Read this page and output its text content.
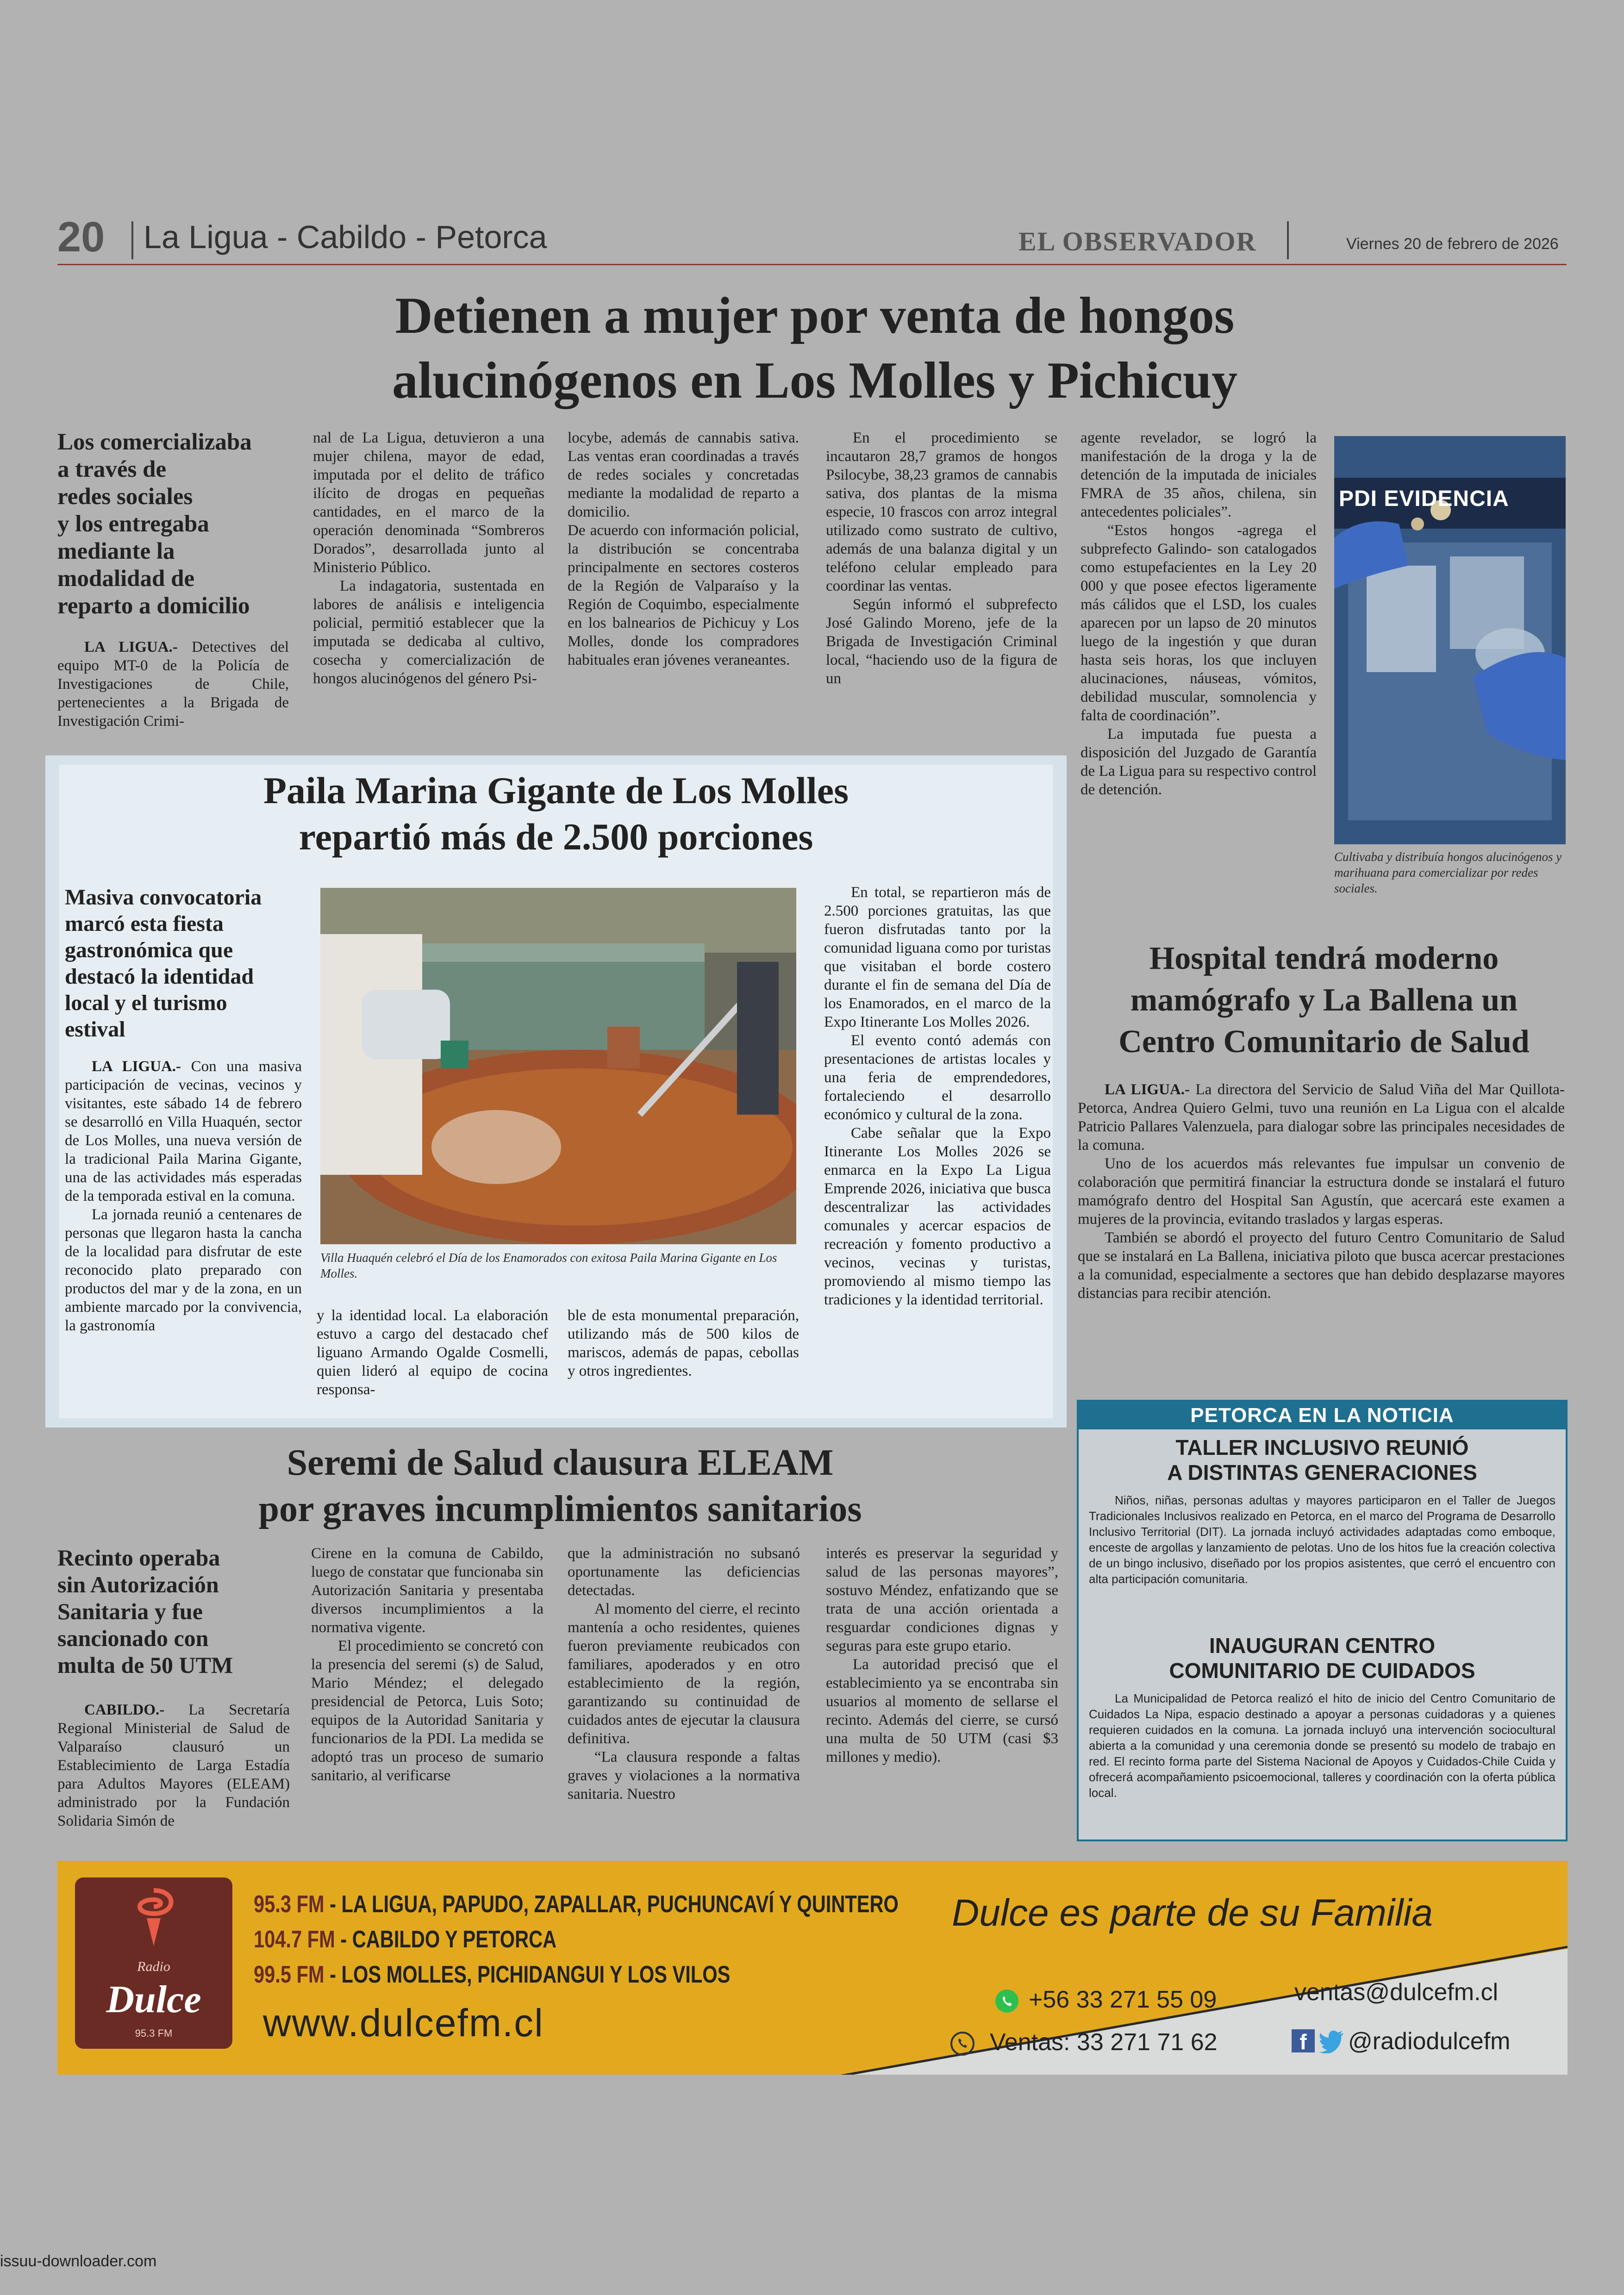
20 La Ligua - Cabildo - Petorca	EL OBSERVADOR	Viernes 20 de febrero de 2026
Detienen a mujer por venta de hongos
alucinógenos en Los Molles y Pichicuy
Los comercializaba
a través de
redes sociales
y los entregaba
mediante la
modalidad de
reparto a domicilio

LA LIGUA.- Detectives del equipo MT-0 de la Policía de Investigaciones de Chile, pertenecientes a la Brigada de Investigación Crimi-

nal de La Ligua, detuvieron a una mujer chilena, mayor de edad, imputada por el delito de tráfico ilícito de drogas en pequeñas cantidades, en el marco de la operación denominada “Sombreros Dorados”, desarrollada junto al Ministerio Público.

La indagatoria, sustentada en labores de análisis e inteligencia policial, permitió establecer que la imputada se dedicaba al cultivo, cosecha y comercialización de hongos alucinógenos del género Psi-

locybe, además de cannabis sativa. Las ventas eran coordinadas a través de redes sociales y concretadas mediante la modalidad de reparto a domicilio.

De acuerdo con información policial, la distribución se concentraba principalmente en sectores costeros de la Región de Valparaíso y la Región de Coquimbo, especialmente en los balnearios de Pichicuy y Los Molles, donde los compradores habituales eran jóvenes veraneantes.

En el procedimiento se incautaron 28,7 gramos de hongos Psilocybe, 38,23 gramos de cannabis sativa, dos plantas de la misma especie, 10 frascos con arroz integral utilizado como sustrato de cultivo, además de una balanza digital y un teléfono celular empleado para coordinar las ventas.

Según informó el subprefecto José Galindo Moreno, jefe de la Brigada de Investigación Criminal local, “haciendo uso de la figura de un

agente revelador, se logró la manifestación de la droga y la de detención de la imputada de iniciales FMRA de 35 años, chilena, sin antecedentes policiales”.

“Estos hongos -agrega el subprefecto Galindo- son catalogados como estupefacientes en la Ley 20 000 y que posee efectos ligeramente más cálidos que el LSD, los cuales aparecen por un lapso de 20 minutos luego de la ingestión y que duran hasta seis horas, los que incluyen alucinaciones, náuseas, vómitos, debilidad muscular, somnolencia y falta de coordinación”.

La imputada fue puesta a disposición del Juzgado de Garantía de La Ligua para su respectivo control de detención.

PDI EVIDENCIA
Cultivaba y distribuía hongos alucinógenos y marihuana para comercializar por redes sociales.
Paila Marina Gigante de Los Molles
repartió más de 2.500 porciones
Masiva convocatoria
marcó esta fiesta
gastronómica que
destacó la identidad
local y el turismo
estival

LA LIGUA.- Con una masiva participación de vecinas, vecinos y visitantes, este sábado 14 de febrero se desarrolló en Villa Huaquén, sector de Los Molles, una nueva versión de la tradicional Paila Marina Gigante, una de las actividades más esperadas de la temporada estival en la comuna.

La jornada reunió a centenares de personas que llegaron hasta la cancha de la localidad para disfrutar de este reconocido plato preparado con productos del mar y de la zona, en un ambiente marcado por la convivencia, la gastronomía

Villa Huaquén celebró el Día de los Enamorados con exitosa Paila Marina Gigante en Los Molles.

y la identidad local. La elaboración estuvo a cargo del destacado chef liguano Armando Ogalde Cosmelli, quien lideró al equipo de cocina responsa-

ble de esta monumental preparación, utilizando más de 500 kilos de mariscos, además de papas, cebollas y otros ingredientes.

En total, se repartieron más de 2.500 porciones gratuitas, las que fueron disfrutadas tanto por la comunidad liguana como por turistas que visitaban el borde costero durante el fin de semana del Día de los Enamorados, en el marco de la Expo Itinerante Los Molles 2026.

El evento contó además con presentaciones de artistas locales y una feria de emprendedores, fortaleciendo el desarrollo económico y cultural de la zona.

Cabe señalar que la Expo Itinerante Los Molles 2026 se enmarca en la Expo La Ligua Emprende 2026, iniciativa que busca descentralizar las actividades comunales y acercar espacios de recreación y fomento productivo a vecinos, vecinas y turistas, promoviendo al mismo tiempo las tradiciones y la identidad territorial.

Hospital tendrá moderno
mamógrafo y La Ballena un
Centro Comunitario de Salud

LA LIGUA.- La directora del Servicio de Salud Viña del Mar Quillota-Petorca, Andrea Quiero Gelmi, tuvo una reunión en La Ligua con el alcalde Patricio Pallares Valenzuela, para dialogar sobre las principales necesidades de la comuna.

Uno de los acuerdos más relevantes fue impulsar un convenio de colaboración que permitirá financiar la estructura donde se instalará el futuro mamógrafo dentro del Hospital San Agustín, que acercará este examen a mujeres de la provincia, evitando traslados y largas esperas.

También se abordó el proyecto del futuro Centro Comunitario de Salud que se instalará en La Ballena, iniciativa piloto que busca acercar prestaciones a la comunidad, especialmente a sectores que han debido desplazarse mayores distancias para recibir atención.

Seremi de Salud clausura ELEAM
por graves incumplimientos sanitarios
Recinto operaba
sin Autorización
Sanitaria y fue
sancionado con
multa de 50 UTM

CABILDO.- La Secretaría Regional Ministerial de Salud de Valparaíso clausuró un Establecimiento de Larga Estadía para Adultos Mayores (ELEAM) administrado por la Fundación Solidaria Simón de

Cirene en la comuna de Cabildo, luego de constatar que funcionaba sin Autorización Sanitaria y presentaba diversos incumplimientos a la normativa vigente.

El procedimiento se concretó con la presencia del seremi (s) de Salud, Mario Méndez; el delegado presidencial de Petorca, Luis Soto; equipos de la Autoridad Sanitaria y funcionarios de la PDI. La medida se adoptó tras un proceso de sumario sanitario, al verificarse

que la administración no subsanó oportunamente las deficiencias detectadas.

Al momento del cierre, el recinto mantenía a ocho residentes, quienes fueron previamente reubicados con familiares, apoderados y en otro establecimiento de la región, garantizando su continuidad de cuidados antes de ejecutar la clausura definitiva.

“La clausura responde a faltas graves y violaciones a la normativa sanitaria. Nuestro

interés es preservar la seguridad y salud de las personas mayores”, sostuvo Méndez, enfatizando que se trata de una acción orientada a resguardar condiciones dignas y seguras para este grupo etario.

La autoridad precisó que el establecimiento ya se encontraba sin usuarios al momento de sellarse el recinto. Además del cierre, se cursó una multa de 50 UTM (casi $3 millones y medio).

PETORCA EN LA NOTICIA
TALLER INCLUSIVO REUNIÓ
A DISTINTAS GENERACIONES
Niños, niñas, personas adultas y mayores participaron en el Taller de Juegos Tradicionales Inclusivos realizado en Petorca, en el marco del Programa de Desarrollo Inclusivo Territorial (DIT). La jornada incluyó actividades adaptadas como emboque, enceste de argollas y lanzamiento de pelotas. Uno de los hitos fue la creación colectiva de un bingo inclusivo, diseñado por los propios asistentes, que cerró el encuentro con alta participación comunitaria.
INAUGURAN CENTRO
COMUNITARIO DE CUIDADOS
La Municipalidad de Petorca realizó el hito de inicio del Centro Comunitario de Cuidados La Nipa, espacio destinado a apoyar a personas cuidadoras y a quienes requieren cuidados en la comuna. La jornada incluyó una intervención sociocultural abierta a la comunidad y una ceremonia donde se presentó su modelo de trabajo en red. El recinto forma parte del Sistema Nacional de Apoyos y Cuidados-Chile Cuida y ofrecerá acompañamiento psicoemocional, talleres y coordinación con la oferta pública local.
Radio
Dulce
95.3 FM
95.3 FM - LA LIGUA, PAPUDO, ZAPALLAR, PUCHUNCAVÍ Y QUINTERO
104.7 FM - CABILDO Y PETORCA
99.5 FM - LOS MOLLES, PICHIDANGUI Y LOS VILOS
www.dulcefm.cl
Dulce es parte de su Familia
+56 33 271 55 09
Ventas: 33 271 71 62
ventas@dulcefm.cl
f	@radiodulcefm
issuu-downloader.com
